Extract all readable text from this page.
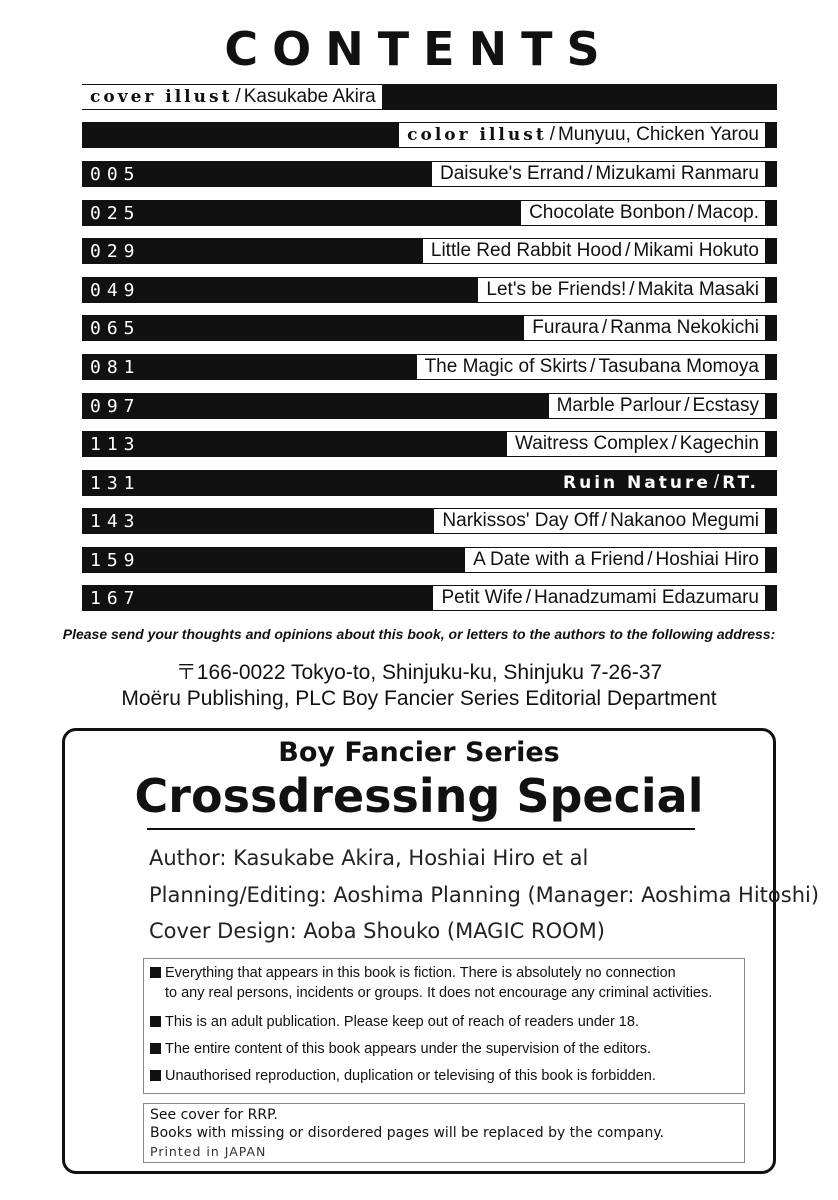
CONTENTS
cover illust / Kasukabe Akira
color illust / Munyuu, Chicken Yarou
005	Daisuke's Errand / Mizukami Ranmaru
025	Chocolate Bonbon / Macop.
029	Little Red Rabbit Hood / Mikami Hokuto
049	Let's be Friends! / Makita Masaki
065	Furaura / Ranma Nekokichi
081	The Magic of Skirts / Tasubana Momoya
097	Marble Parlour / Ecstasy
113	Waitress Complex / Kagechin
131	Ruin Nature / RT.
143	Narkissos' Day Off / Nakanoo Megumi
159	A Date with a Friend / Hoshiai Hiro
167	Petit Wife / Hanadzumami Edazumaru
Please send your thoughts and opinions about this book, or letters to the authors to the following address:
〒166-0022 Tokyo-to, Shinjuku-ku, Shinjuku 7-26-37
Moëru Publishing, PLC Boy Fancier Series Editorial Department
Boy Fancier Series
Crossdressing Special
Author: Kasukabe Akira, Hoshiai Hiro et al
Planning/Editing: Aoshima Planning (Manager: Aoshima Hitoshi)
Cover Design: Aoba Shouko (MAGIC ROOM)
Everything that appears in this book is fiction. There is absolutely no connection
to any real persons, incidents or groups. It does not encourage any criminal activities.
This is an adult publication. Please keep out of reach of readers under 18.
The entire content of this book appears under the supervision of the editors.
Unauthorised reproduction, duplication or televising of this book is forbidden.
See cover for RRP.
Books with missing or disordered pages will be replaced by the company.
Printed in JAPAN
